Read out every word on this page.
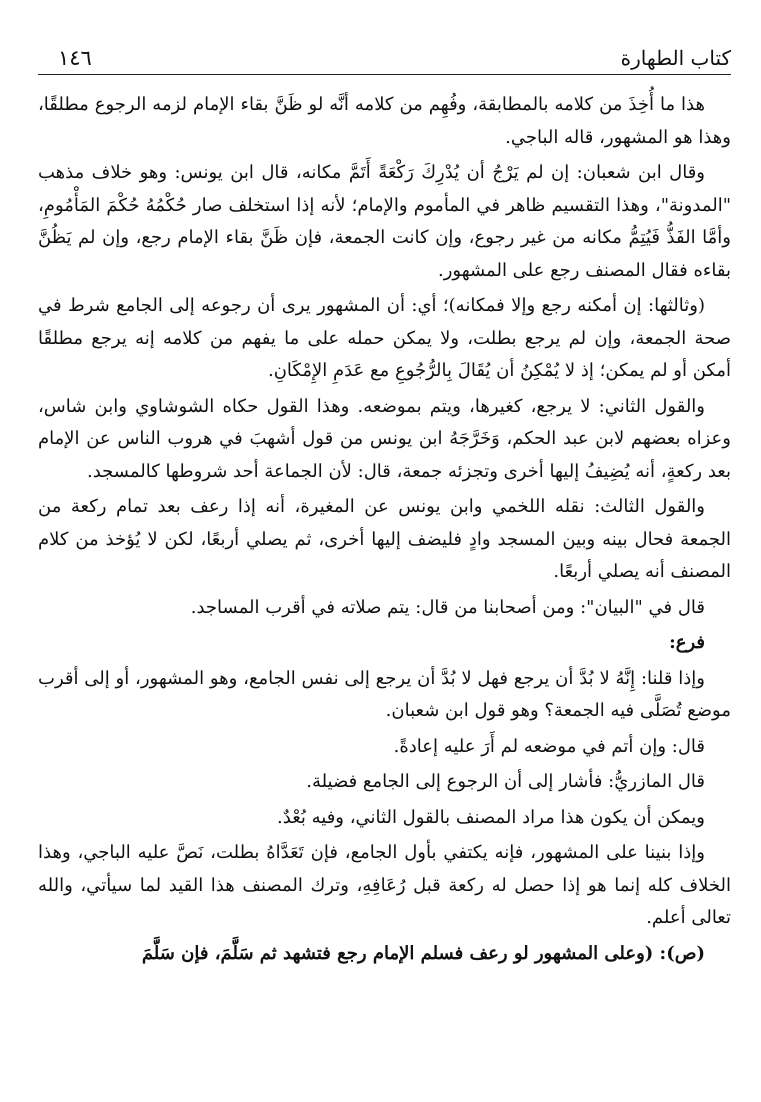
١٤٦	كتاب الطهارة

هذا ما أُخِذَ من كلامه بالمطابقة، وفُهِم من كلامه أنَّه لو ظَنَّ بقاء الإمام لزمه الرجوع مطلقًا، وهذا هو المشهور، قاله الباجي.

وقال ابن شعبان: إن لم يَرْجُ أن يُدْرِكَ رَكْعَةً أَتَمَّ مكانه، قال ابن يونس: وهو خلاف مذهب "المدونة"، وهذا التقسيم ظاهر في المأموم والإمام؛ لأنه إذا استخلف صار حُكْمُهُ حُكْمَ المَأْمُومِ، وأمَّا الفَذُّ فَيُتِمُّ مكانه من غير رجوع، وإن كانت الجمعة، فإن ظَنَّ بقاء الإمام رجع، وإن لم يَظُنَّ بقاءه فقال المصنف رجع على المشهور.

(وثالثها: إن أمكنه رجع وإلا فمكانه)؛ أي: أن المشهور يرى أن رجوعه إلى الجامع شرط في صحة الجمعة، وإن لم يرجع بطلت، ولا يمكن حمله على ما يفهم من كلامه إنه يرجع مطلقًا أمكن أو لم يمكن؛ إذ لا يُمْكِنُ أن يُقَالَ بِالرُّجُوعِ مع عَدَمِ الإِمْكَانِ.

والقول الثاني: لا يرجع، كغيرها، ويتم بموضعه. وهذا القول حكاه الشوشاوي وابن شاس، وعزاه بعضهم لابن عبد الحكم، وَخَرَّجَهُ ابن يونس من قول أشهبَ في هروب الناس عن الإمام بعد ركعةٍ، أنه يُضِيفُ إليها أخرى وتجزئه جمعة، قال: لأن الجماعة أحد شروطها كالمسجد.

والقول الثالث: نقله اللخمي وابن يونس عن المغيرة، أنه إذا رعف بعد تمام ركعة من الجمعة فحال بينه وبين المسجد وادٍ فليضف إليها أخرى، ثم يصلي أربعًا، لكن لا يُؤخذ من كلام المصنف أنه يصلي أربعًا.

قال في "البيان": ومن أصحابنا من قال: يتم صلاته في أقرب المساجد.

فرع:

وإذا قلنا: إِنَّهُ لا بُدَّ أن يرجع فهل لا بُدَّ أن يرجع إلى نفس الجامع، وهو المشهور، أو إلى أقرب موضع تُصَلَّى فيه الجمعة؟ وهو قول ابن شعبان.

قال: وإن أتم في موضعه لم أَرَ عليه إعادةً.

قال المازريُّ: فأشار إلى أن الرجوع إلى الجامع فضيلة.

ويمكن أن يكون هذا مراد المصنف بالقول الثاني، وفيه بُعْدٌ.

وإذا بنينا على المشهور، فإنه يكتفي بأول الجامع، فإن تَعَدَّاهُ بطلت، نَصَّ عليه الباجي، وهذا الخلاف كله إنما هو إذا حصل له ركعة قبل رُعَافِهِ، وترك المصنف هذا القيد لما سيأتي، والله تعالى أعلم.

(ص): (وعلى المشهور لو رعف فسلم الإمام رجع فتشهد ثم سَلَّمَ، فإن سَلَّمَ
